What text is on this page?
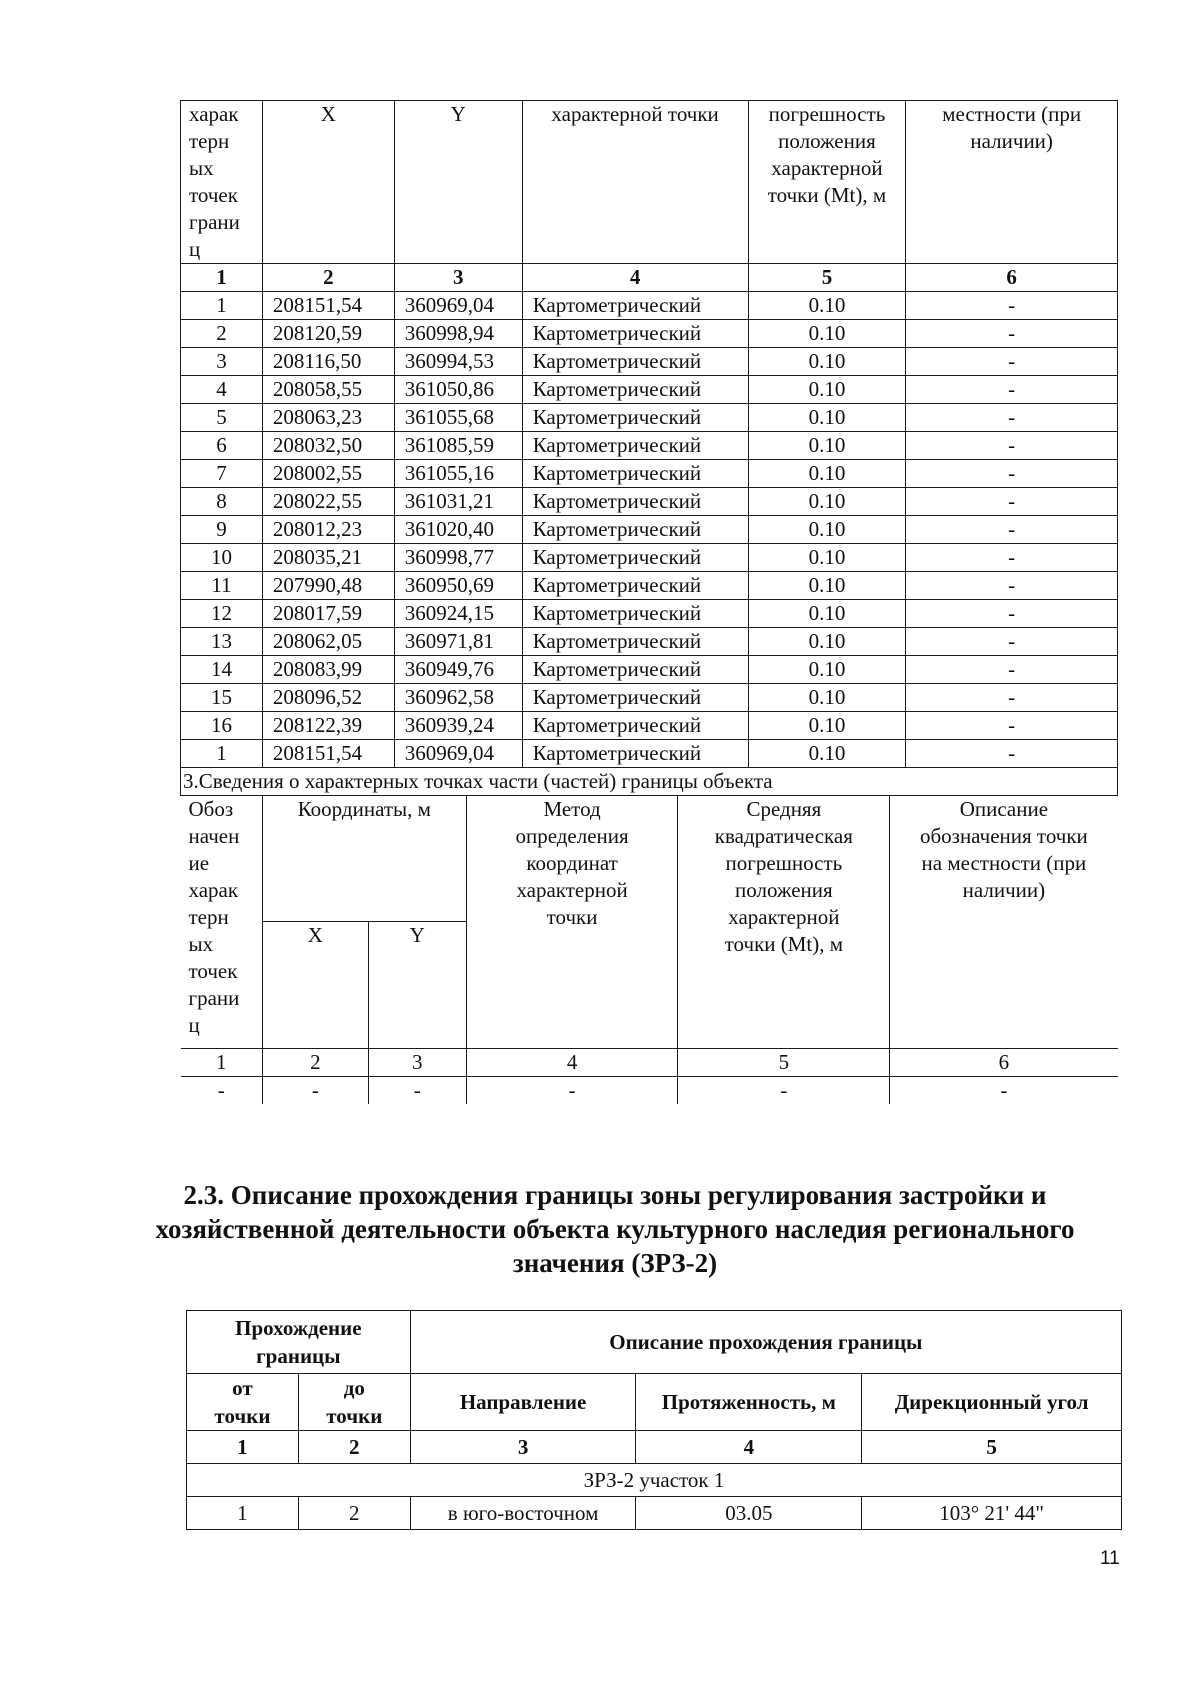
харак
терн
ых
точек
грани
ц	X	Y	характерной точки	погрешность
положения
характерной
точки (Mt), м	местности (при
наличии)
1	2	3	4	5	6
1	208151,54	360969,04	Картометрический	0.10	-
2	208120,59	360998,94	Картометрический	0.10	-
3	208116,50	360994,53	Картометрический	0.10	-
4	208058,55	361050,86	Картометрический	0.10	-
5	208063,23	361055,68	Картометрический	0.10	-
6	208032,50	361085,59	Картометрический	0.10	-
7	208002,55	361055,16	Картометрический	0.10	-
8	208022,55	361031,21	Картометрический	0.10	-
9	208012,23	361020,40	Картометрический	0.10	-
10	208035,21	360998,77	Картометрический	0.10	-
11	207990,48	360950,69	Картометрический	0.10	-
12	208017,59	360924,15	Картометрический	0.10	-
13	208062,05	360971,81	Картометрический	0.10	-
14	208083,99	360949,76	Картометрический	0.10	-
15	208096,52	360962,58	Картометрический	0.10	-
16	208122,39	360939,24	Картометрический	0.10	-
1	208151,54	360969,04	Картометрический	0.10	-
3.Сведения о характерных точках части (частей) границы объекта

Обоз
начен
ие
харак
терн
ых
точек
грани
ц	Координаты, м	Метод
определения
координат
характерной
точки	Средняя
квадратическая
погрешность
положения
характерной
точки (Mt), м	Описание
обозначения точки
на местности (при
наличии)
X	Y
1	2	3	4	5	6
-	-	-	-	-	-
2.3. Описание прохождения границы зоны регулирования застройки и хозяйственной деятельности объекта культурного наследия регионального значения (ЗРЗ-2)
Прохождение
границы		Описание прохождения границы		
от
точки	до
точки			
		Направление	Протяженность, м	Дирекционный угол
1	2	3	4	5
ЗРЗ-2 участок 1				
1	2	в юго-восточном	03.05	103° 21' 44"
11
